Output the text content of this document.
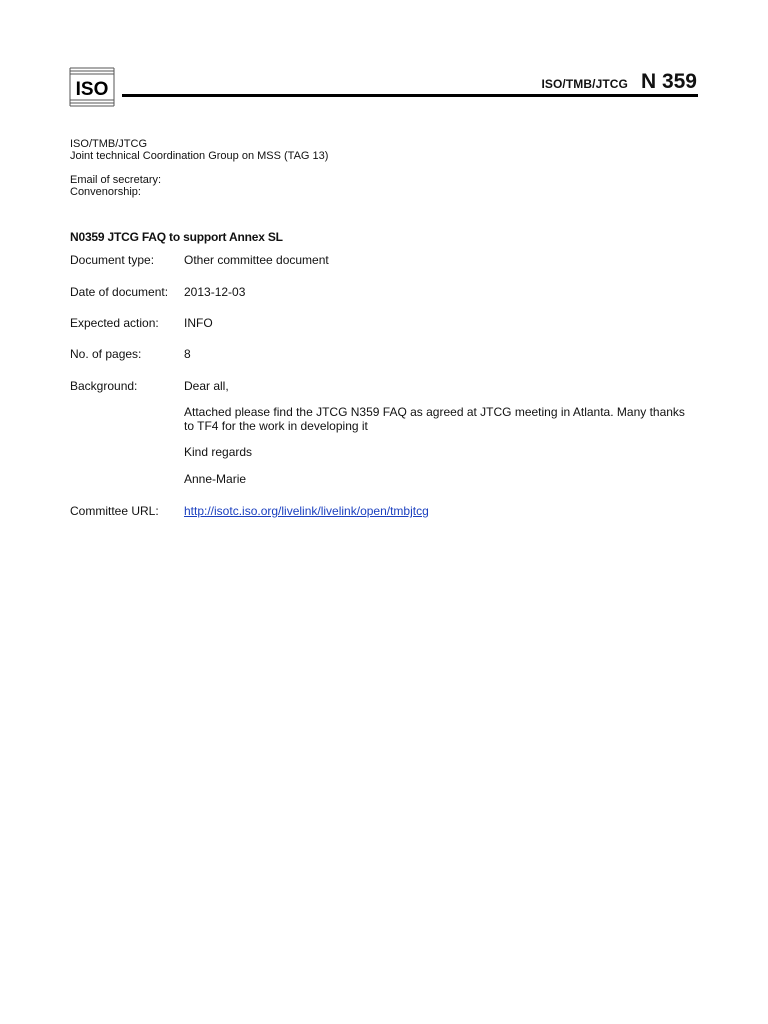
ISO	ISO/TMB/JTCG N 359
ISO/TMB/JTCG
Joint technical Coordination Group on MSS (TAG 13)
Email of secretary:
Convenorship:
N0359 JTCG FAQ to support Annex SL
Document type: Other committee document
Date of document: 2013-12-03
Expected action: INFO
No. of pages:	8
Background:	Dear all,
Attached please find the JTCG N359 FAQ as agreed at JTCG meeting in Atlanta. Many thanks to TF4 for the work in developing it
Kind regards
Anne-Marie
Committee URL: http://isotc.iso.org/livelink/livelink/open/tmbjtcg
